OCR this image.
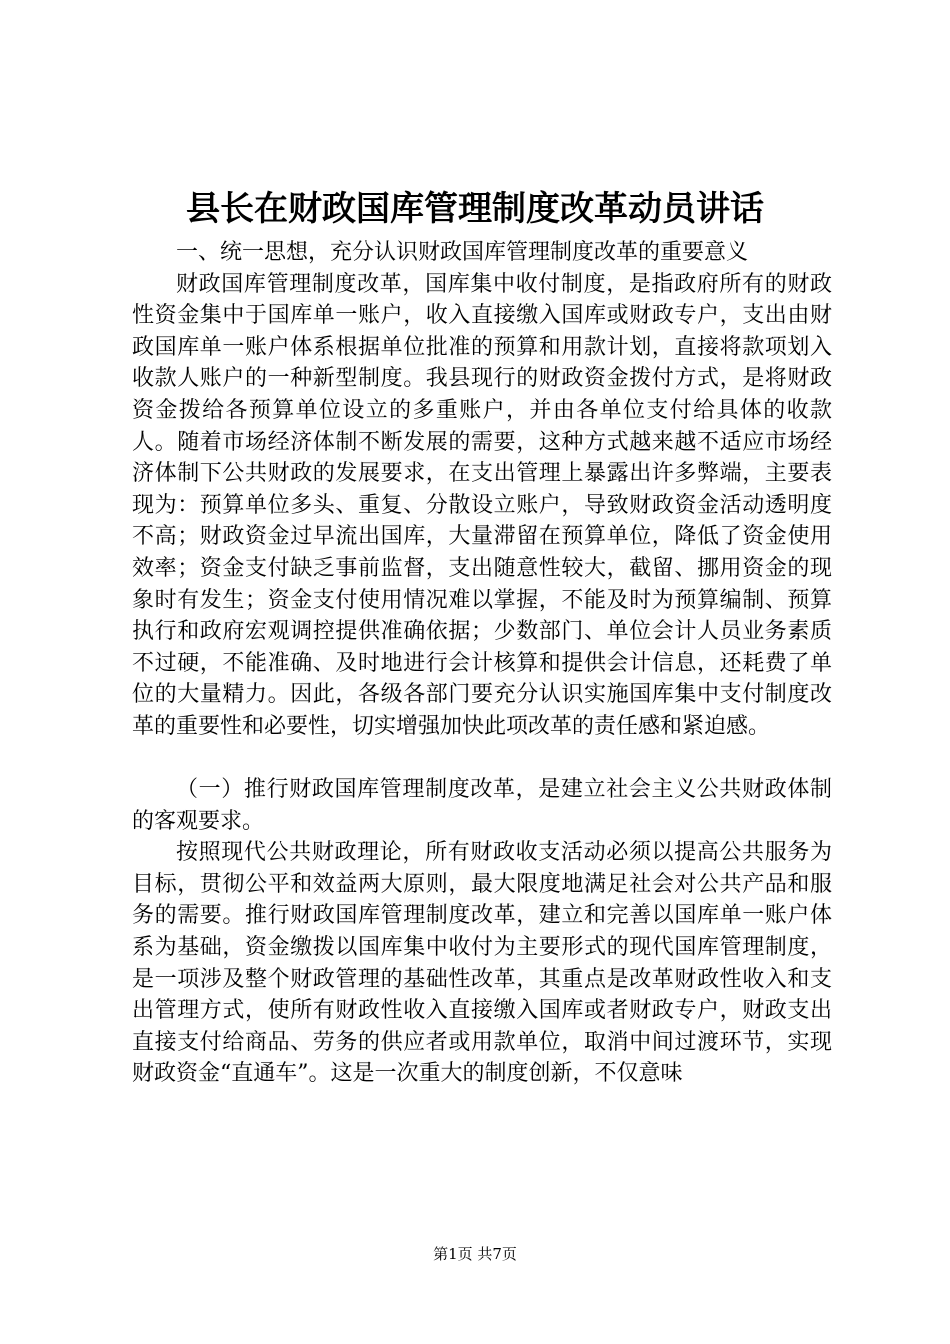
县长在财政国库管理制度改革动员讲话

一、统一思想，充分认识财政国库管理制度改革的重要意义

财政国库管理制度改革，国库集中收付制度，是指政府所有的财政性资金集中于国库单一账户，收入直接缴入国库或财政专户，支出由财政国库单一账户体系根据单位批准的预算和用款计划，直接将款项划入收款人账户的一种新型制度。我县现行的财政资金拨付方式，是将财政资金拨给各预算单位设立的多重账户，并由各单位支付给具体的收款人。随着市场经济体制不断发展的需要，这种方式越来越不适应市场经济体制下公共财政的发展要求，在支出管理上暴露出许多弊端，主要表现为：预算单位多头、重复、分散设立账户，导致财政资金活动透明度不高；财政资金过早流出国库，大量滞留在预算单位，降低了资金使用效率；资金支付缺乏事前监督，支出随意性较大，截留、挪用资金的现象时有发生；资金支付使用情况难以掌握，不能及时为预算编制、预算执行和政府宏观调控提供准确依据；少数部门、单位会计人员业务素质不过硬，不能准确、及时地进行会计核算和提供会计信息，还耗费了单位的大量精力。因此，各级各部门要充分认识实施国库集中支付制度改革的重要性和必要性，切实增强加快此项改革的责任感和紧迫感。

（一）推行财政国库管理制度改革，是建立社会主义公共财政体制的客观要求。

按照现代公共财政理论，所有财政收支活动必须以提高公共服务为目标，贯彻公平和效益两大原则，最大限度地满足社会对公共产品和服务的需要。推行财政国库管理制度改革，建立和完善以国库单一账户体系为基础，资金缴拨以国库集中收付为主要形式的现代国库管理制度，是一项涉及整个财政管理的基础性改革，其重点是改革财政性收入和支出管理方式，使所有财政性收入直接缴入国库或者财政专户，财政支出直接支付给商品、劳务的供应者或用款单位，取消中间过渡环节，实现财政资金“直通车”。这是一次重大的制度创新，不仅意味

第1页 共7页
